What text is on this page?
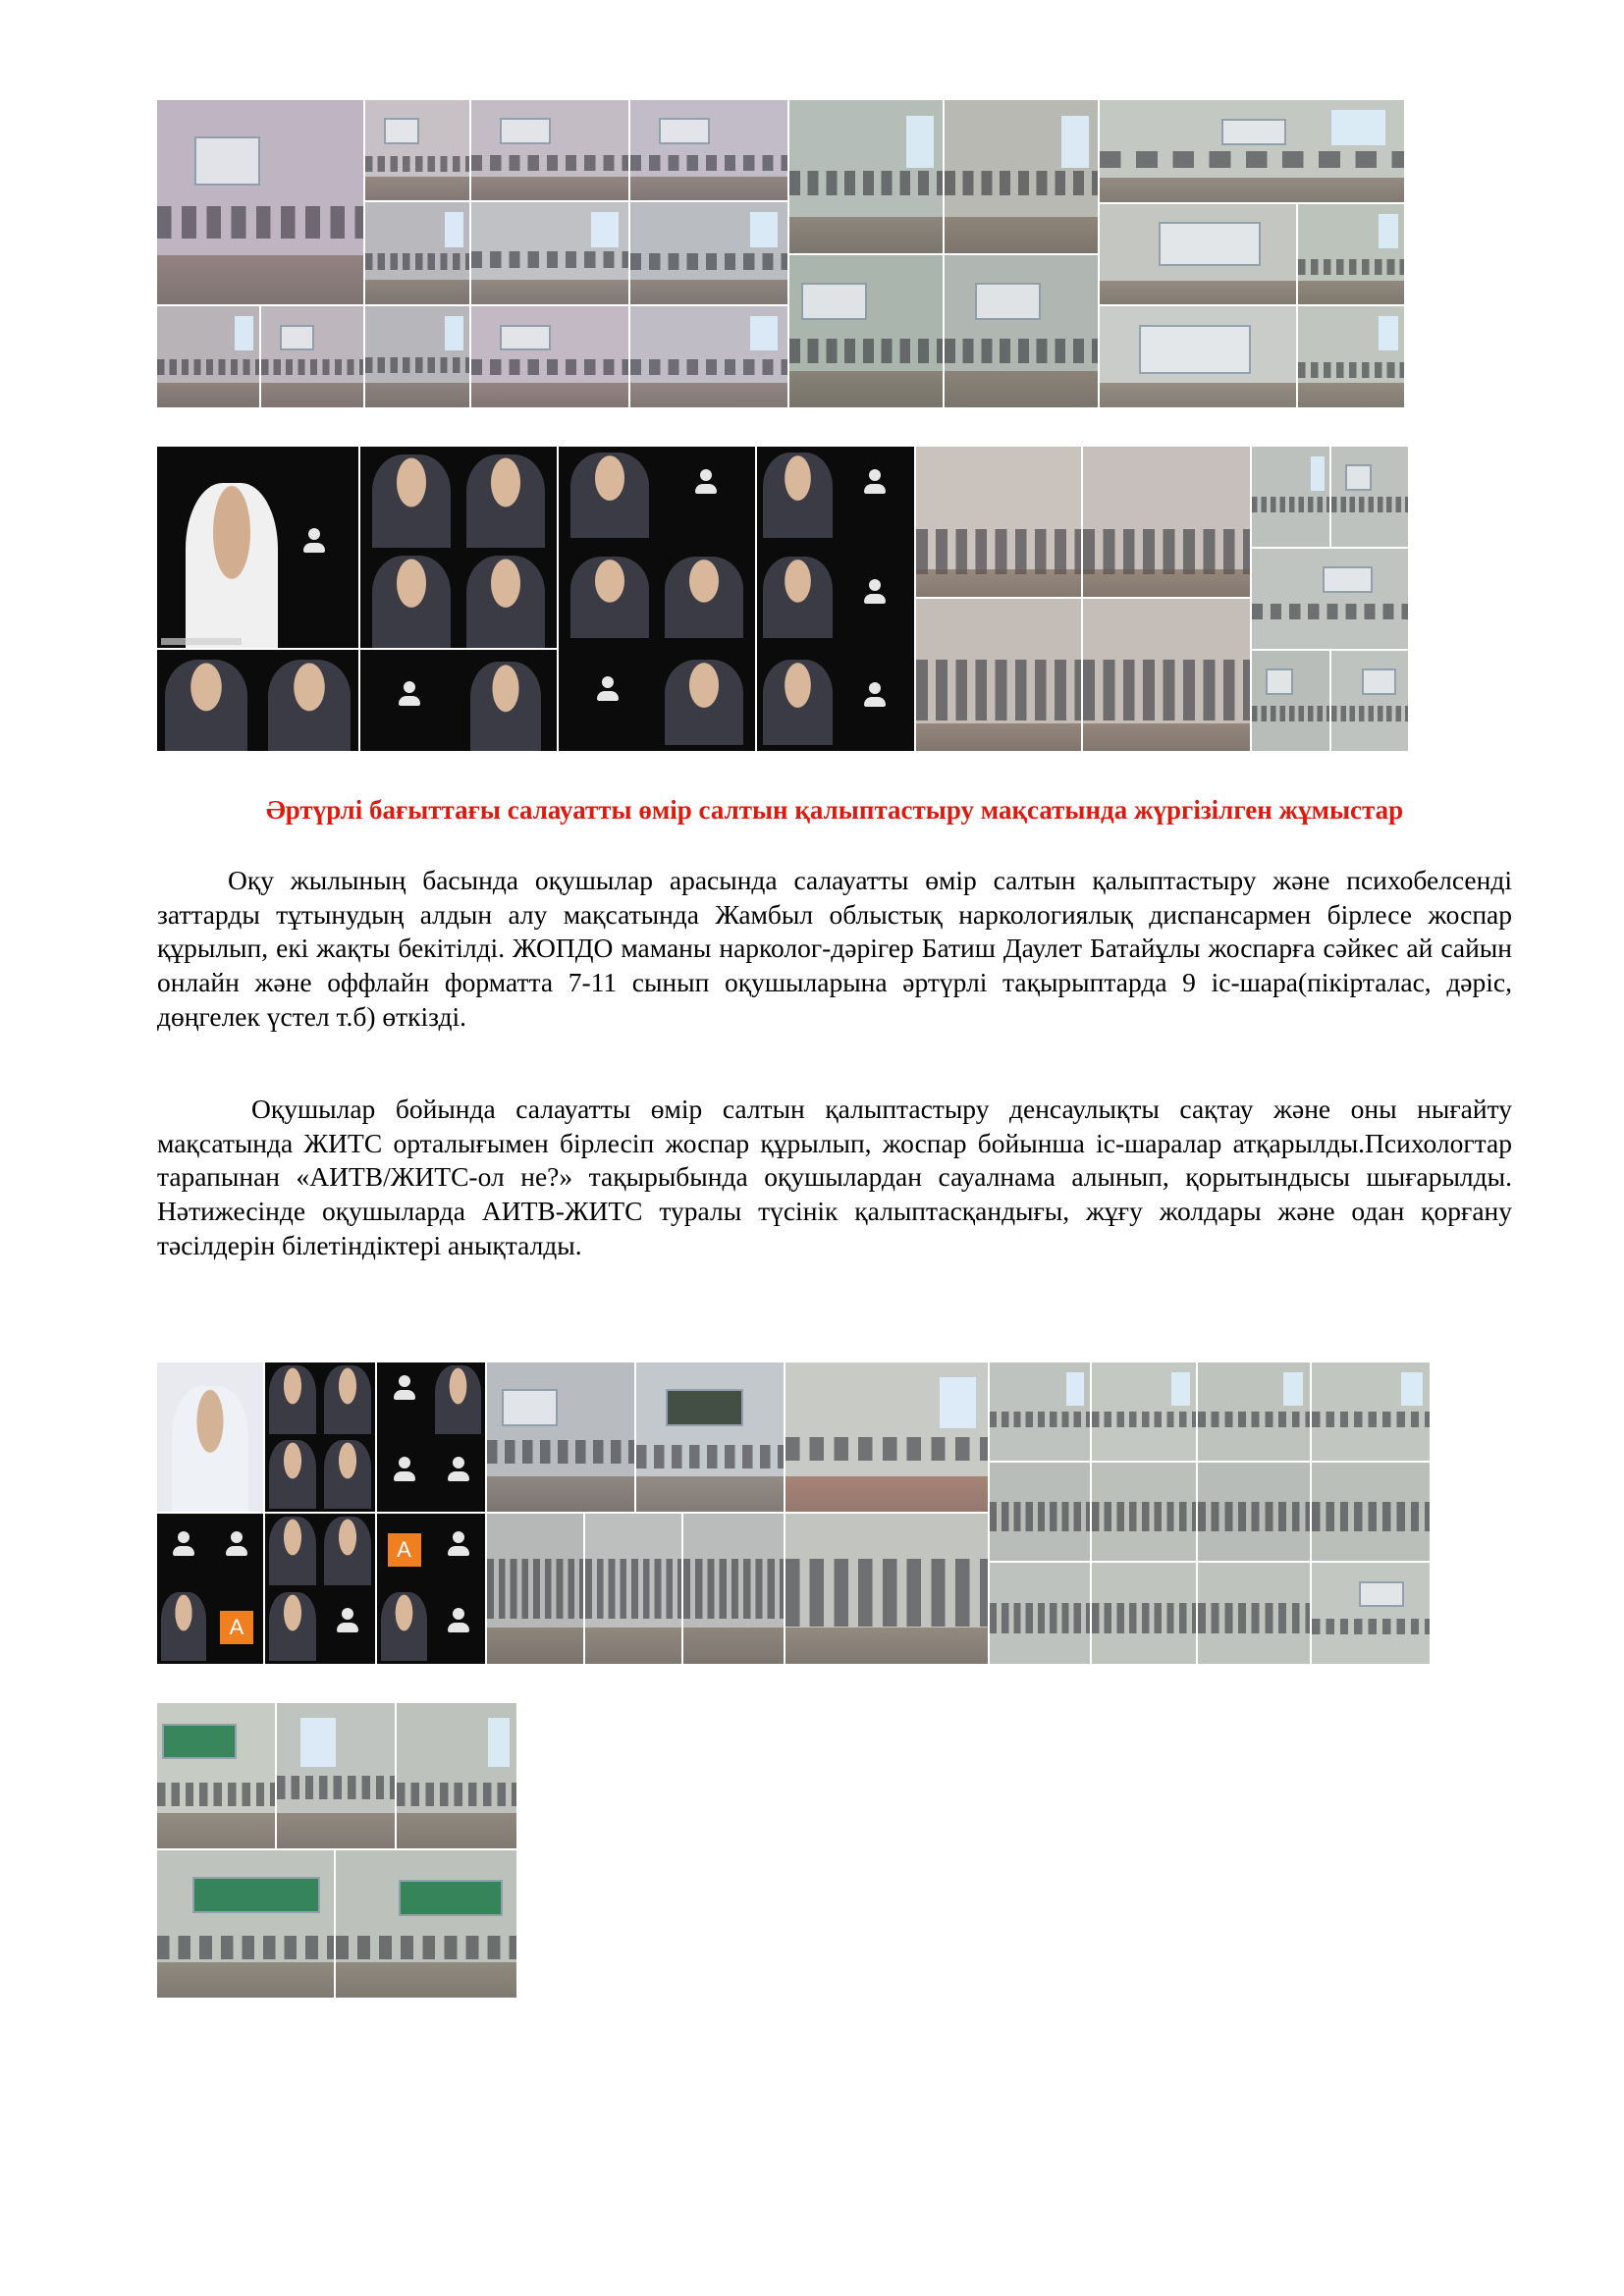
Әртүрлі бағыттағы салауатты өмір салтын қалыптастыру мақсатында жүргізілген жұмыстар

Оқу жылының басында оқушылар арасында салауатты өмір салтын қалыптастыру және психобелсенді заттарды тұтынудың алдын алу мақсатында Жамбыл облыстық наркологиялық диспансармен бірлесе жоспар құрылып, екі жақты бекітілді. ЖОПДО маманы нарколог-дәрігер Батиш Даулет Батайұлы жоспарға сәйкес ай сайын онлайн және оффлайн форматта 7-11 сынып оқушыларына әртүрлі тақырыптарда 9 іс-шара(пікірталас, дәріс, дөңгелек үстел т.б) өткізді.

Оқушылар бойында салауатты өмір салтын қалыптастыру денсаулықты сақтау және оны нығайту мақсатында ЖИТС орталығымен бірлесіп жоспар құрылып, жоспар бойынша іс-шаралар атқарылды.Психологтар тарапынан «АИТВ/ЖИТС-ол не?» тақырыбында оқушылардан сауалнама алынып, қорытындысы шығарылды. Нәтижесінде оқушыларда АИТВ-ЖИТС туралы түсінік қалыптасқандығы, жұғу жолдары және одан қорғану тәсілдерін білетіндіктері анықталды.

A
A
